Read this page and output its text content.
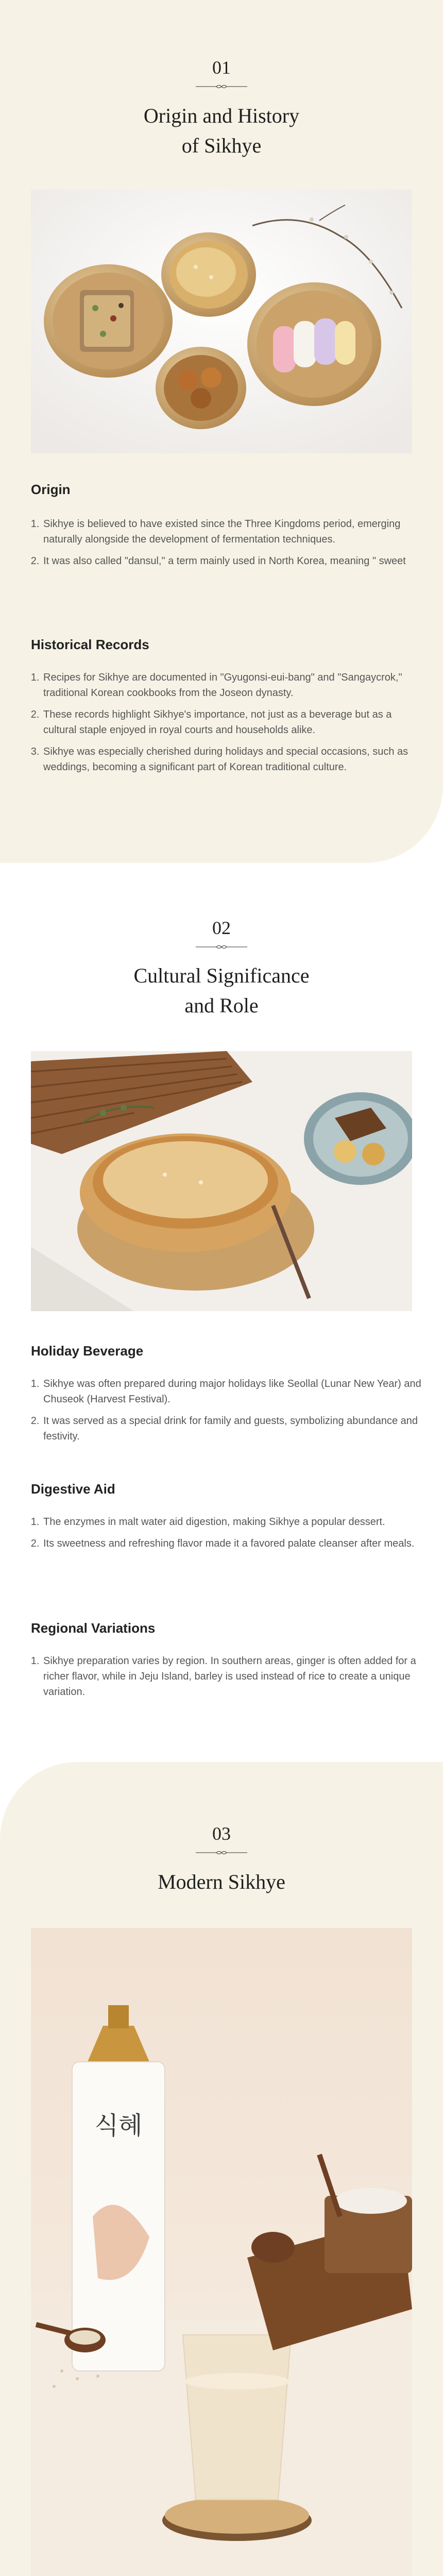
01
Origin and History
of Sikhye
Origin
1. Sikhye is believed to have existed since the Three Kingdoms period, emerging naturally alongside the development of fermentation techniques.
2. It was also called "dansul," a term mainly used in North Korea, meaning " sweet
Historical Records
1. Recipes for Sikhye are documented in "Gyugonsi-eui-bang" and "Sangaycrok," traditional Korean cookbooks from the Joseon dynasty.
2. These records highlight Sikhye's importance, not just as a beverage but as a cultural staple enjoyed in royal courts and households alike.
3. Sikhye was especially cherished during holidays and special occasions, such as weddings, becoming a significant part of Korean traditional culture.
02
Cultural Significance
and Role
Holiday Beverage
1. Sikhye was often prepared during major holidays like Seollal (Lunar New Year) and Chuseok (Harvest Festival).
2. It was served as a special drink for family and guests, symbolizing abundance and festivity.
Digestive Aid
1. The enzymes in malt water aid digestion, making Sikhye a popular dessert.
2. Its sweetness and refreshing flavor made it a favored palate cleanser after meals.
Regional Variations
1. Sikhye preparation varies by region. In southern areas, ginger is often added for a richer flavor, while in Jeju Island, barley is used instead of rice to create a unique variation.
03
Modern Sikhye
식혜
